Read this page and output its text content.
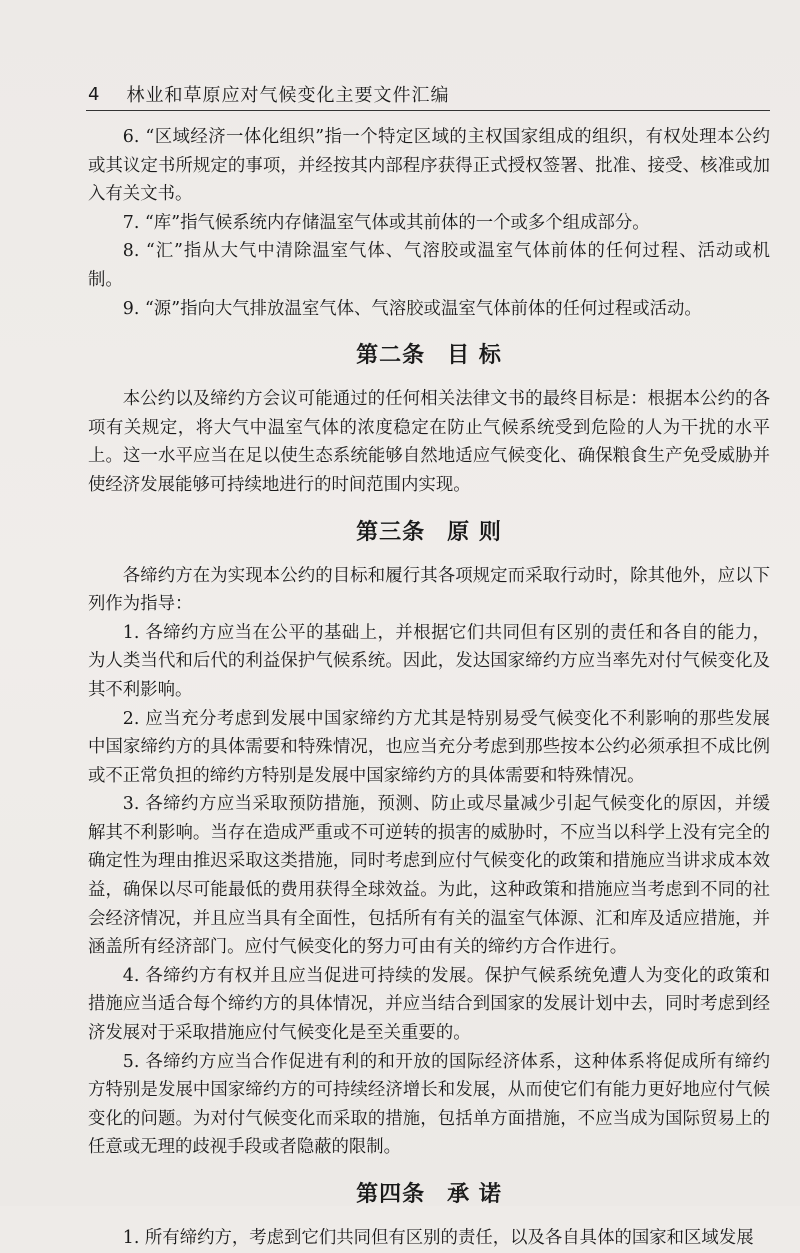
4 林业和草原应对气候变化主要文件汇编

6. “区域经济一体化组织”指一个特定区域的主权国家组成的组织，有权处理本公约或其议定书所规定的事项，并经按其内部程序获得正式授权签署、批准、接受、核准或加入有关文书。

7. “库”指气候系统内存储温室气体或其前体的一个或多个组成部分。

8. “汇”指从大气中清除温室气体、气溶胶或温室气体前体的任何过程、活动或机制。

9. “源”指向大气排放温室气体、气溶胶或温室气体前体的任何过程或活动。

第二条 目 标

本公约以及缔约方会议可能通过的任何相关法律文书的最终目标是：根据本公约的各项有关规定，将大气中温室气体的浓度稳定在防止气候系统受到危险的人为干扰的水平上。这一水平应当在足以使生态系统能够自然地适应气候变化、确保粮食生产免受威胁并使经济发展能够可持续地进行的时间范围内实现。

第三条 原 则

各缔约方在为实现本公约的目标和履行其各项规定而采取行动时，除其他外，应以下列作为指导：

1. 各缔约方应当在公平的基础上，并根据它们共同但有区别的责任和各自的能力，为人类当代和后代的利益保护气候系统。因此，发达国家缔约方应当率先对付气候变化及其不利影响。

2. 应当充分考虑到发展中国家缔约方尤其是特别易受气候变化不利影响的那些发展中国家缔约方的具体需要和特殊情况，也应当充分考虑到那些按本公约必须承担不成比例或不正常负担的缔约方特别是发展中国家缔约方的具体需要和特殊情况。

3. 各缔约方应当采取预防措施，预测、防止或尽量减少引起气候变化的原因，并缓解其不利影响。当存在造成严重或不可逆转的损害的威胁时，不应当以科学上没有完全的确定性为理由推迟采取这类措施，同时考虑到应付气候变化的政策和措施应当讲求成本效益，确保以尽可能最低的费用获得全球效益。为此，这种政策和措施应当考虑到不同的社会经济情况，并且应当具有全面性，包括所有有关的温室气体源、汇和库及适应措施，并涵盖所有经济部门。应付气候变化的努力可由有关的缔约方合作进行。

4. 各缔约方有权并且应当促进可持续的发展。保护气候系统免遭人为变化的政策和措施应当适合每个缔约方的具体情况，并应当结合到国家的发展计划中去，同时考虑到经济发展对于采取措施应付气候变化是至关重要的。

5. 各缔约方应当合作促进有利的和开放的国际经济体系，这种体系将促成所有缔约方特别是发展中国家缔约方的可持续经济增长和发展，从而使它们有能力更好地应付气候变化的问题。为对付气候变化而采取的措施，包括单方面措施，不应当成为国际贸易上的任意或无理的歧视手段或者隐蔽的限制。

第四条 承 诺

1. 所有缔约方，考虑到它们共同但有区别的责任，以及各自具体的国家和区域发展
